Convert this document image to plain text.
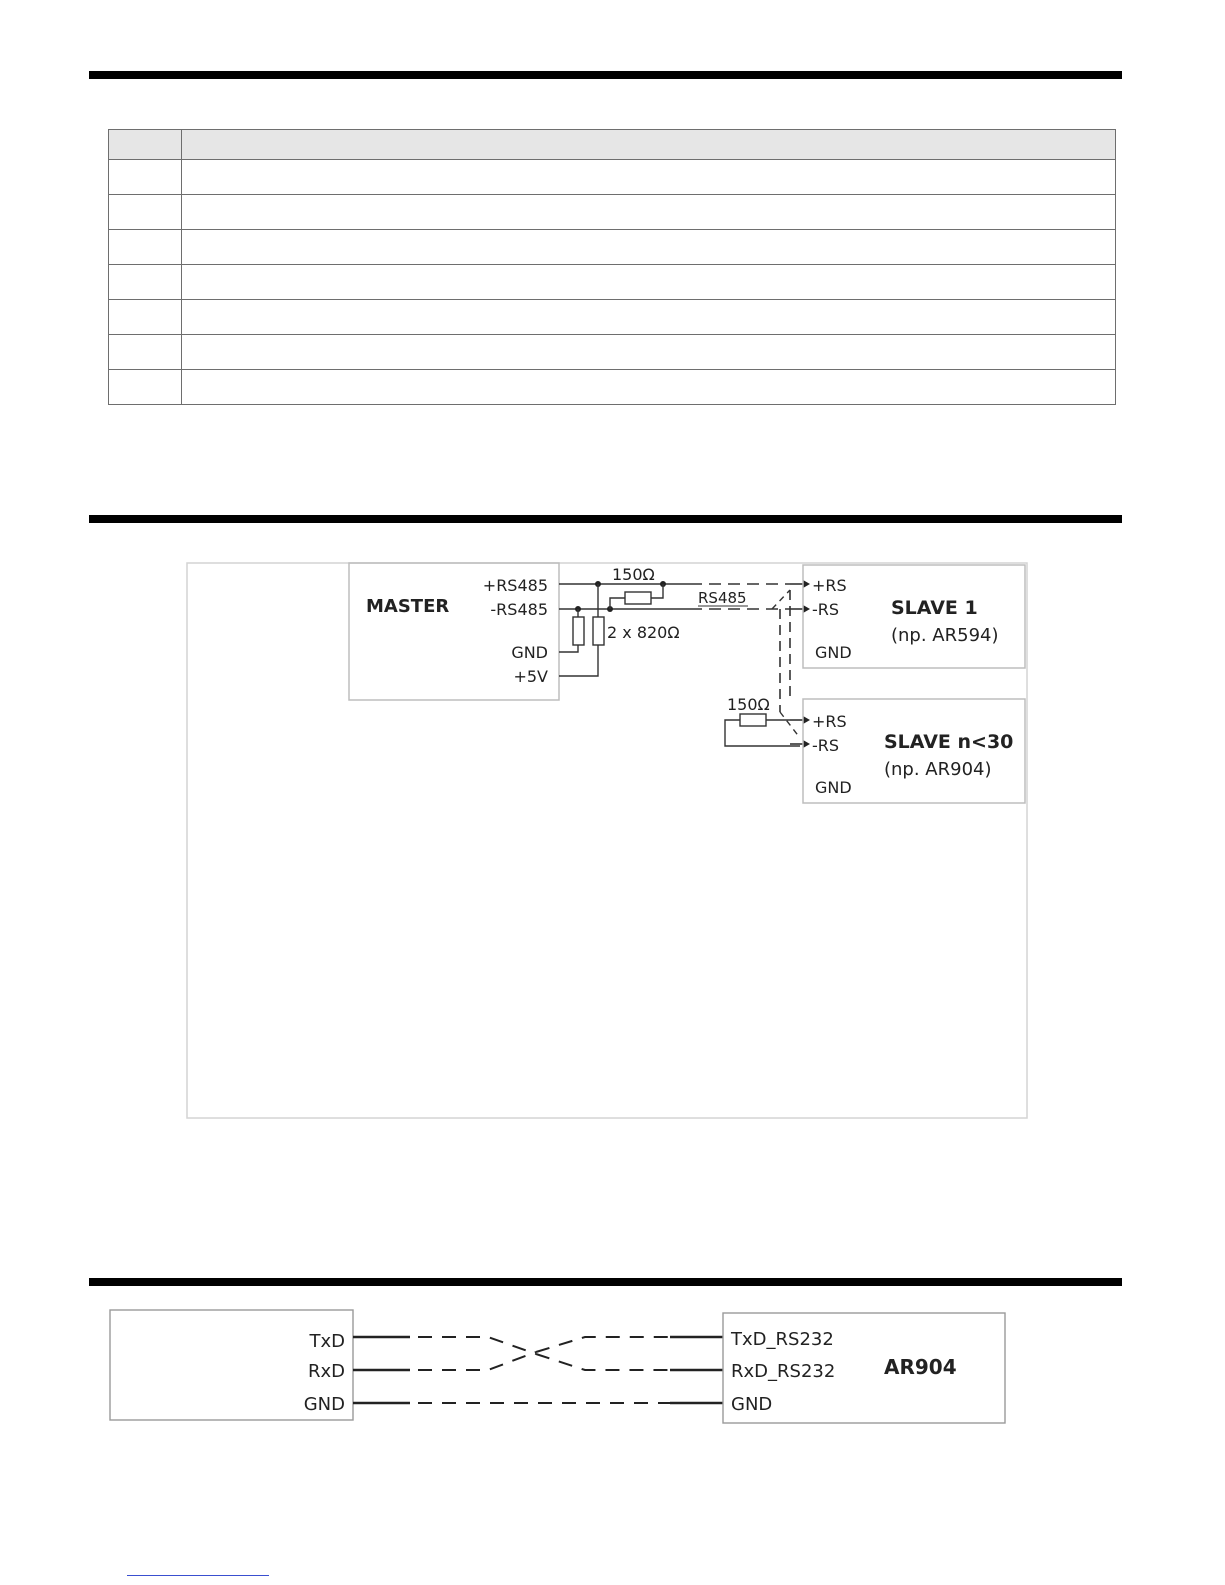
MASTER
+RS485
-RS485
GND
+5V
150Ω
2 x 820Ω
RS485
+RS
-RS
GND
SLAVE 1
(np. AR594)
+RS
-RS
GND
SLAVE n<30
(np. AR904)
150Ω
TxD
RxD
GND
TxD_RS232
RxD_RS232
GND
AR904
